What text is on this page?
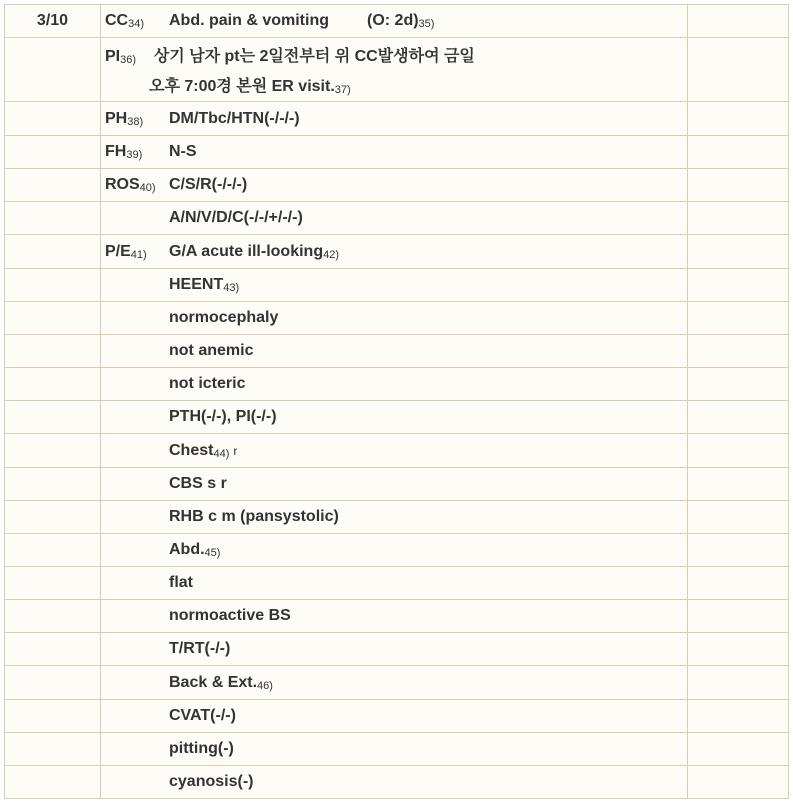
3/10	$CC_{34)}$ Abd. pain & vomiting (O: $2d)_{35)}$

	$PI_{36)}$ 상기 남자 pt는 2일전부터 위 CC발생하여 금일
오후 7:00경 본원 ER $visit._{37)}$

	$PH_{38)}$ DM/Tbc/HTN(-/-/-)	

	$FH_{39)}$ N-S	

	$ROS_{40)}$ C/S/R(-/-/-)	

	A/N/V/D/C(-/-/+/-/-)	

	$P/E_{41)}$ G/A acute ill-looking$_{42)}$

	$HEENT_{43)}$

	normocephaly	

	not anemic	

	not icteric	

	PTH(-/-), PI(-/-)	

	Chest$_{44)}$ r	

	CBS s r	

	RHB c m (pansystolic)	

	$Abd._{45)}$

	flat	

	normoactive BS	

	T/RT(-/-)	

	Back & $Ext._{46)}$

	CVAT(-/-)	

	pitting(-)	

	cyanosis(-)	
